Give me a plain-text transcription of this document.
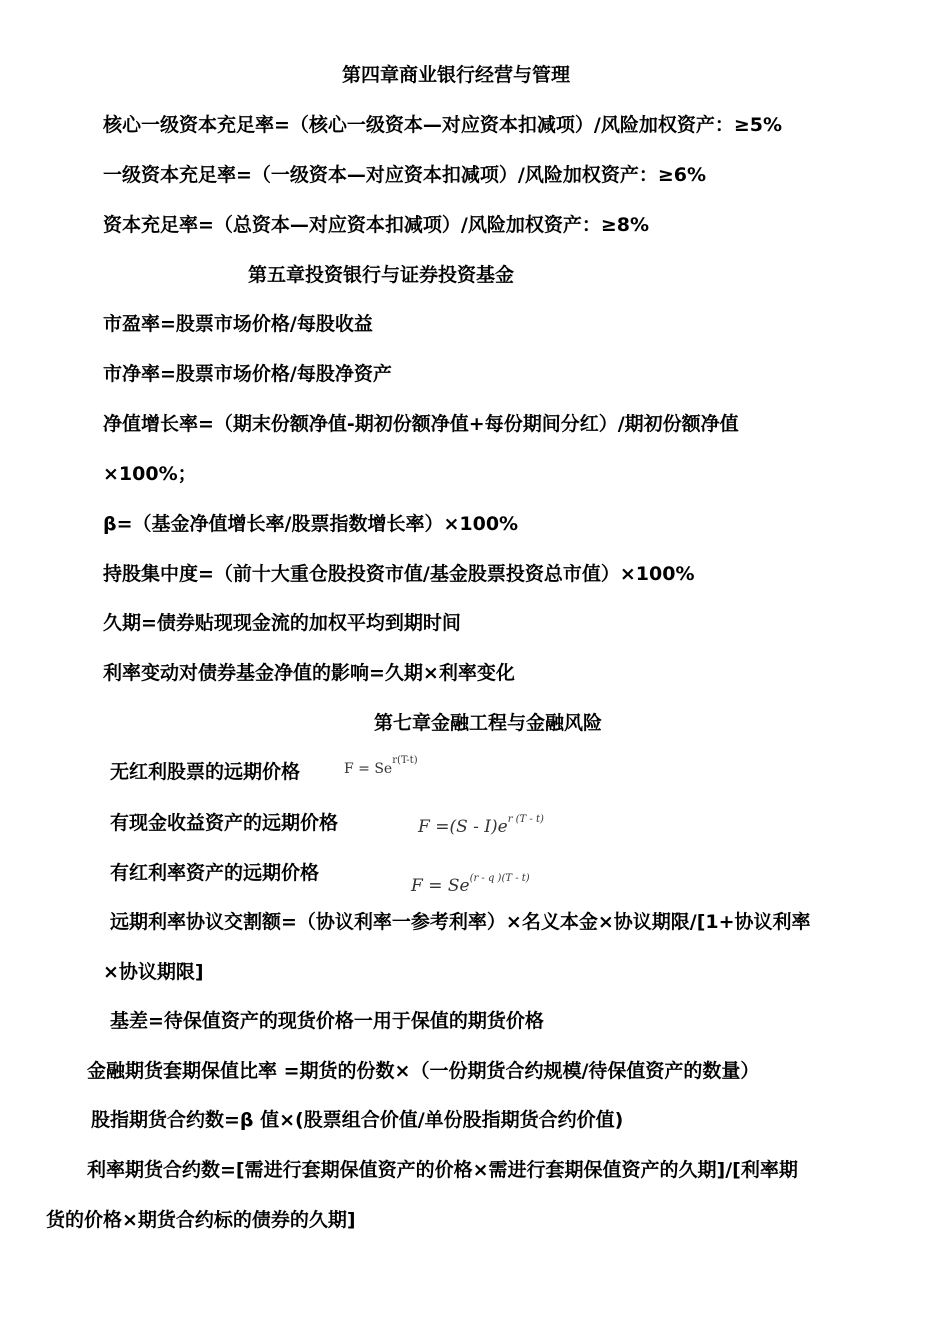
第四章商业银行经营与管理
核心一级资本充足率=（核心一级资本—对应资本扣减项）/风险加权资产：≥5%
一级资本充足率=（一级资本—对应资本扣减项）/风险加权资产：≥6%
资本充足率=（总资本—对应资本扣减项）/风险加权资产：≥8%
第五章投资银行与证券投资基金
市盈率=股票市场价格/每股收益
市净率=股票市场价格/每股净资产
净值增长率=（期末份额净值-期初份额净值+每份期间分红）/期初份额净值
×100%；
β=（基金净值增长率/股票指数增长率）×100%
持股集中度=（前十大重仓股投资市值/基金股票投资总市值）×100%
久期=债券贴现现金流的加权平均到期时间
利率变动对债券基金净值的影响=久期×利率变化
第七章金融工程与金融风险
无红利股票的远期价格	$F = Se^{r(T-t)}$
有现金收益资产的远期价格	$F =(S - I)e^{r (T - t)}$
有红利率资产的远期价格
$F = Se^{(r - q )(T - t)}$
远期利率协议交割额=（协议利率一参考利率）×名义本金×协议期限/[1+协议利率
×协议期限]
基差=待保值资产的现货价格一用于保值的期货价格
金融期货套期保值比率 =期货的份数×（一份期货合约规模/待保值资产的数量）
股指期货合约数=β 值×(股票组合价值/单份股指期货合约价值)
利率期货合约数=[需进行套期保值资产的价格×需进行套期保值资产的久期]/[利率期
货的价格×期货合约标的债券的久期]
